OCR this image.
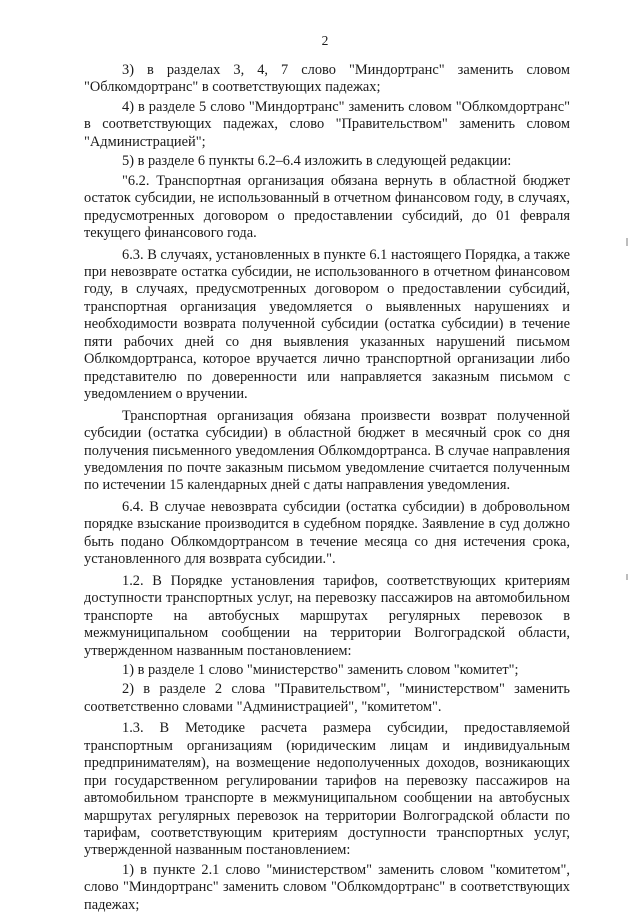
2

3) в разделах 3, 4, 7 слово "Миндортранс" заменить словом "Облкомдортранс" в соответствующих падежах;

4) в разделе 5 слово "Миндортранс" заменить словом "Облкомдортранс" в соответствующих падежах, слово "Правительством" заменить словом "Администрацией";

5) в разделе 6 пункты 6.2–6.4 изложить в следующей редакции:

"6.2. Транспортная организация обязана вернуть в областной бюджет остаток субсидии, не использованный в отчетном финансовом году, в случаях, предусмотренных договором о предоставлении субсидий, до 01 февраля текущего финансового года.

6.3. В случаях, установленных в пункте 6.1 настоящего Порядка, а также при невозврате остатка субсидии, не использованного в отчетном финансовом году, в случаях, предусмотренных договором о предоставлении субсидий, транспортная организация уведомляется о выявленных нарушениях и необходимости возврата полученной субсидии (остатка субсидии) в течение пяти рабочих дней со дня выявления указанных нарушений письмом Облкомдортранса, которое вручается лично транспортной организации либо представителю по доверенности или направляется заказным письмом с уведомлением о вручении.

Транспортная организация обязана произвести возврат полученной субсидии (остатка субсидии) в областной бюджет в месячный срок со дня получения письменного уведомления Облкомдортранса. В случае направления уведомления по почте заказным письмом уведомление считается полученным по истечении 15 календарных дней с даты направления уведомления.

6.4. В случае невозврата субсидии (остатка субсидии) в добровольном порядке взыскание производится в судебном порядке. Заявление в суд должно быть подано Облкомдортрансом в течение месяца со дня истечения срока, установленного для возврата субсидии.".

1.2. В Порядке установления тарифов, соответствующих критериям доступности транспортных услуг, на перевозку пассажиров на автомобильном транспорте на автобусных маршрутах регулярных перевозок в межмуниципальном сообщении на территории Волгоградской области, утвержденном названным постановлением:

1) в разделе 1 слово "министерство" заменить словом "комитет";

2) в разделе 2 слова "Правительством", "министерством" заменить соответственно словами "Администрацией", "комитетом".

1.3. В Методике расчета размера субсидии, предоставляемой транспортным организациям (юридическим лицам и индивидуальным предпринимателям), на возмещение недополученных доходов, возникающих при государственном регулировании тарифов на перевозку пассажиров на автомобильном транспорте в межмуниципальном сообщении на автобусных маршрутах регулярных перевозок на территории Волгоградской области по тарифам, соответствующим критериям доступности транспортных услуг, утвержденной названным постановлением:

1) в пункте 2.1 слово "министерством" заменить словом "комитетом", слово "Миндортранс" заменить словом "Облкомдортранс" в соответствующих падежах;
